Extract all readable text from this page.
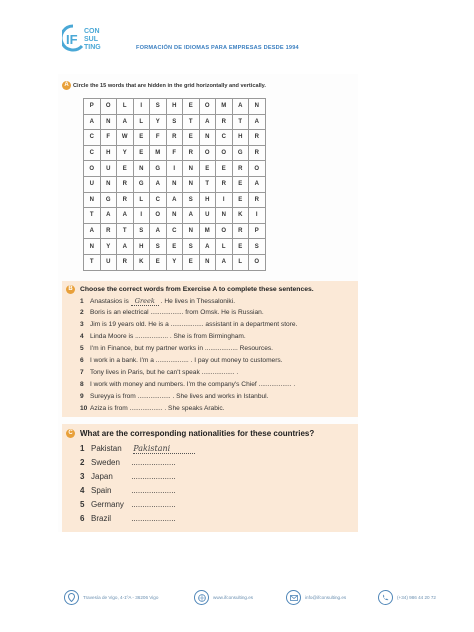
IF
CON
SUL
TING	FORMACIÓN DE IDIOMAS PARA EMPRESAS DESDE 1994
A Circle the 15 words that are hidden in the grid horizontally and vertically.
P	O	L	I	S	H	E	O	M	A	N
A	N	A	L	Y	S	T	A	R	T	A
C	F	W	E	F	R	E	N	C	H	R
C	H	Y	E	M	F	R	O	O	G	R
O	U	E	N	G	I	N	E	E	R	O
U	N	R	G	A	N	N	T	R	E	A
N	G	R	L	C	A	S	H	I	E	R
T	A	A	I	O	N	A	U	N	K	I
A	R	T	S	A	C	N	M	O	R	P
N	Y	A	H	S	E	S	A	L	E	S
T	U	R	K	E	Y	E	N	A	L	O
B	Choose the correct words from Exercise A to complete these sentences.
1 Anastasios is Greek . He lives in Thessaloniki.
2 Boris is an electrical .................. from Omsk. He is Russian.
3 Jim is 19 years old. He is a .................. assistant in a department store.
4 Linda Moore is .................. . She is from Birmingham.
5 I'm in Finance, but my partner works in .................. Resources.
6 I work in a bank. I'm a .................. . I pay out money to customers.
7 Tony lives in Paris, but he can't speak .................. .
8 I work with money and numbers. I'm the company's Chief .................. .
9 Sureyya is from .................. . She lives and works in Istanbul.
10 Aziza is from .................. . She speaks Arabic.
C What are the corresponding nationalities for these countries?
1 Pakistan Pakistani
2 Sweden ....................
3 Japan ....................
4 Spain ....................
5 Germany ....................
6 Brazil	....................
Travesía de Vigo, 4-1ºA - 36206 Vigo	www.ifconsulting.es	info@ifconsulting.es	(+34) 986 44 20 72
